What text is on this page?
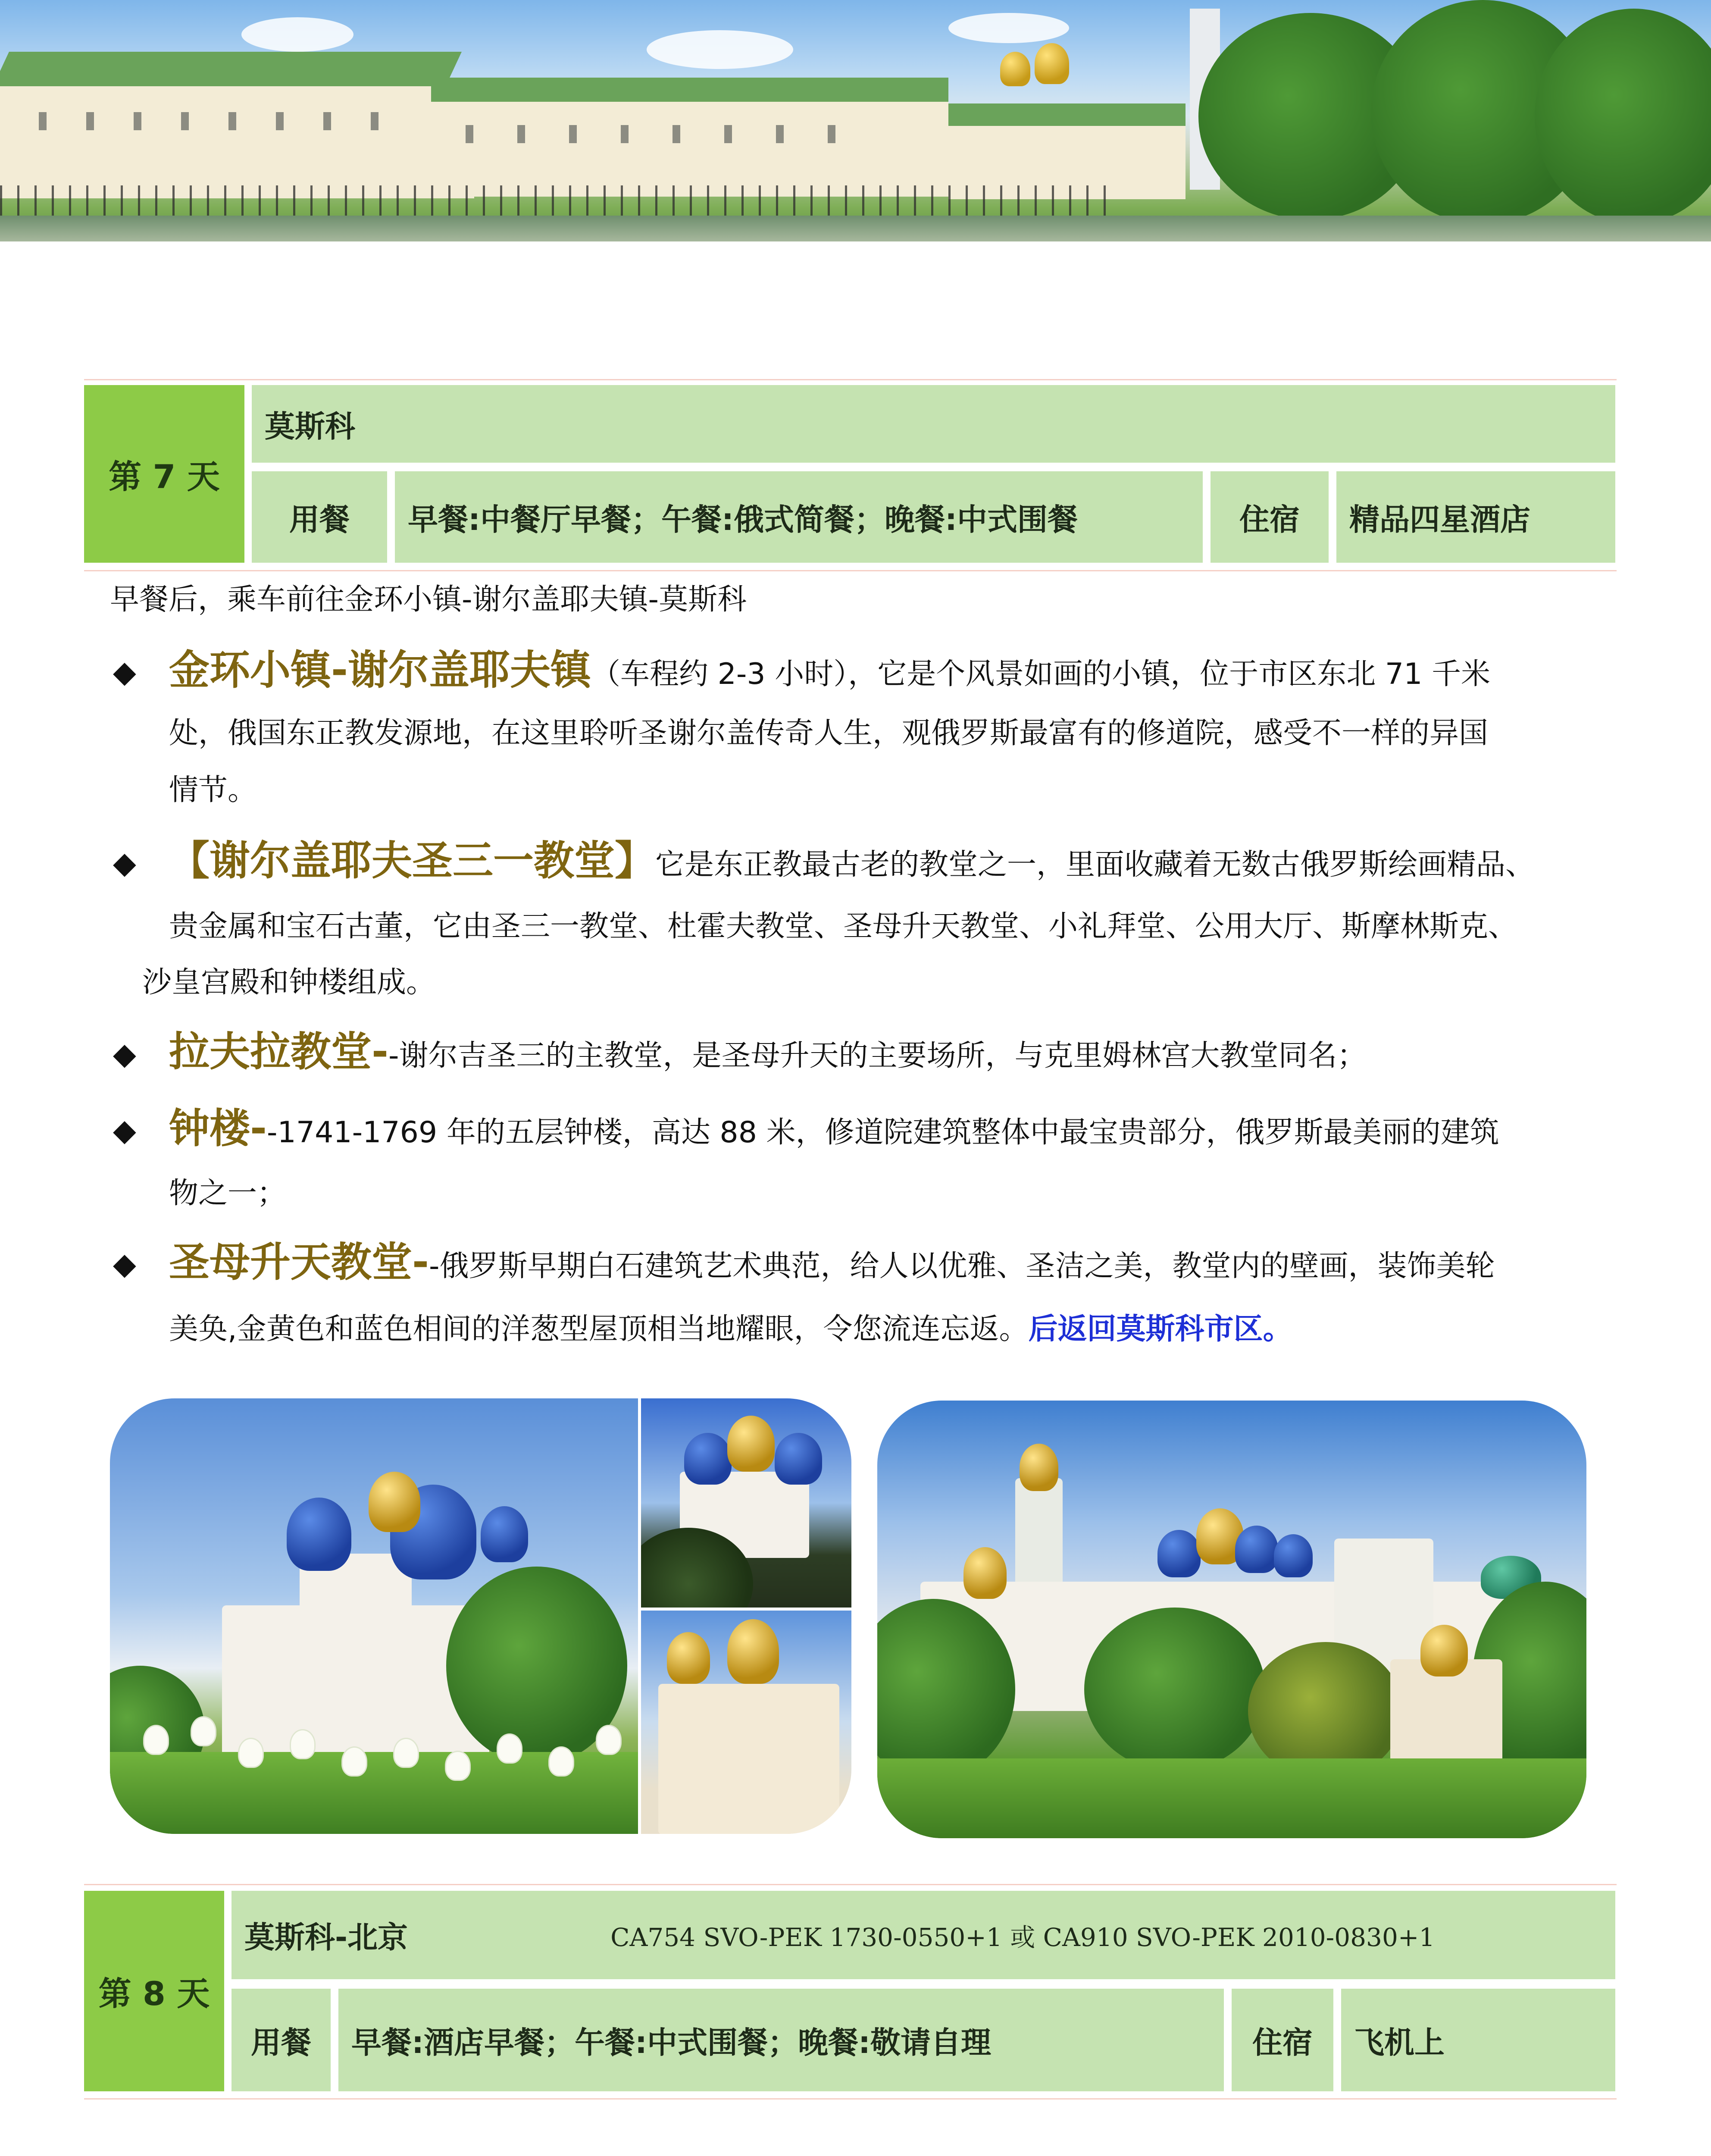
第 7 天
莫斯科
用餐	早餐:中餐厅早餐；午餐:俄式简餐；晚餐:中式围餐	住宿	精品四星酒店
早餐后，乘车前往金环小镇-谢尔盖耶夫镇-莫斯科
◆ 金环小镇-谢尔盖耶夫镇（车程约 2-3 小时），它是个风景如画的小镇，位于市区东北 71 千米
处，俄国东正教发源地，在这里聆听圣谢尔盖传奇人生，观俄罗斯最富有的修道院，感受不一样的异国
情节。
◆ 【谢尔盖耶夫圣三一教堂】它是东正教最古老的教堂之一，里面收藏着无数古俄罗斯绘画精品、
贵金属和宝石古董，它由圣三一教堂、杜霍夫教堂、圣母升天教堂、小礼拜堂、公用大厅、斯摩林斯克、
沙皇宫殿和钟楼组成。
◆ 拉夫拉教堂--谢尔吉圣三的主教堂，是圣母升天的主要场所，与克里姆林宫大教堂同名；
◆ 钟楼--1741-1769 年的五层钟楼，高达 88 米，修道院建筑整体中最宝贵部分，俄罗斯最美丽的建筑
物之一；
◆ 圣母升天教堂--俄罗斯早期白石建筑艺术典范，给人以优雅、圣洁之美，教堂内的壁画，装饰美轮
美奂,金黄色和蓝色相间的洋葱型屋顶相当地耀眼，令您流连忘返。后返回莫斯科市区。
第 8 天
莫斯科-北京	CA754 SVO-PEK 1730-0550+1 或 CA910 SVO-PEK 2010-0830+1
用餐	早餐:酒店早餐；午餐:中式围餐；晚餐:敬请自理	住宿	飞机上
